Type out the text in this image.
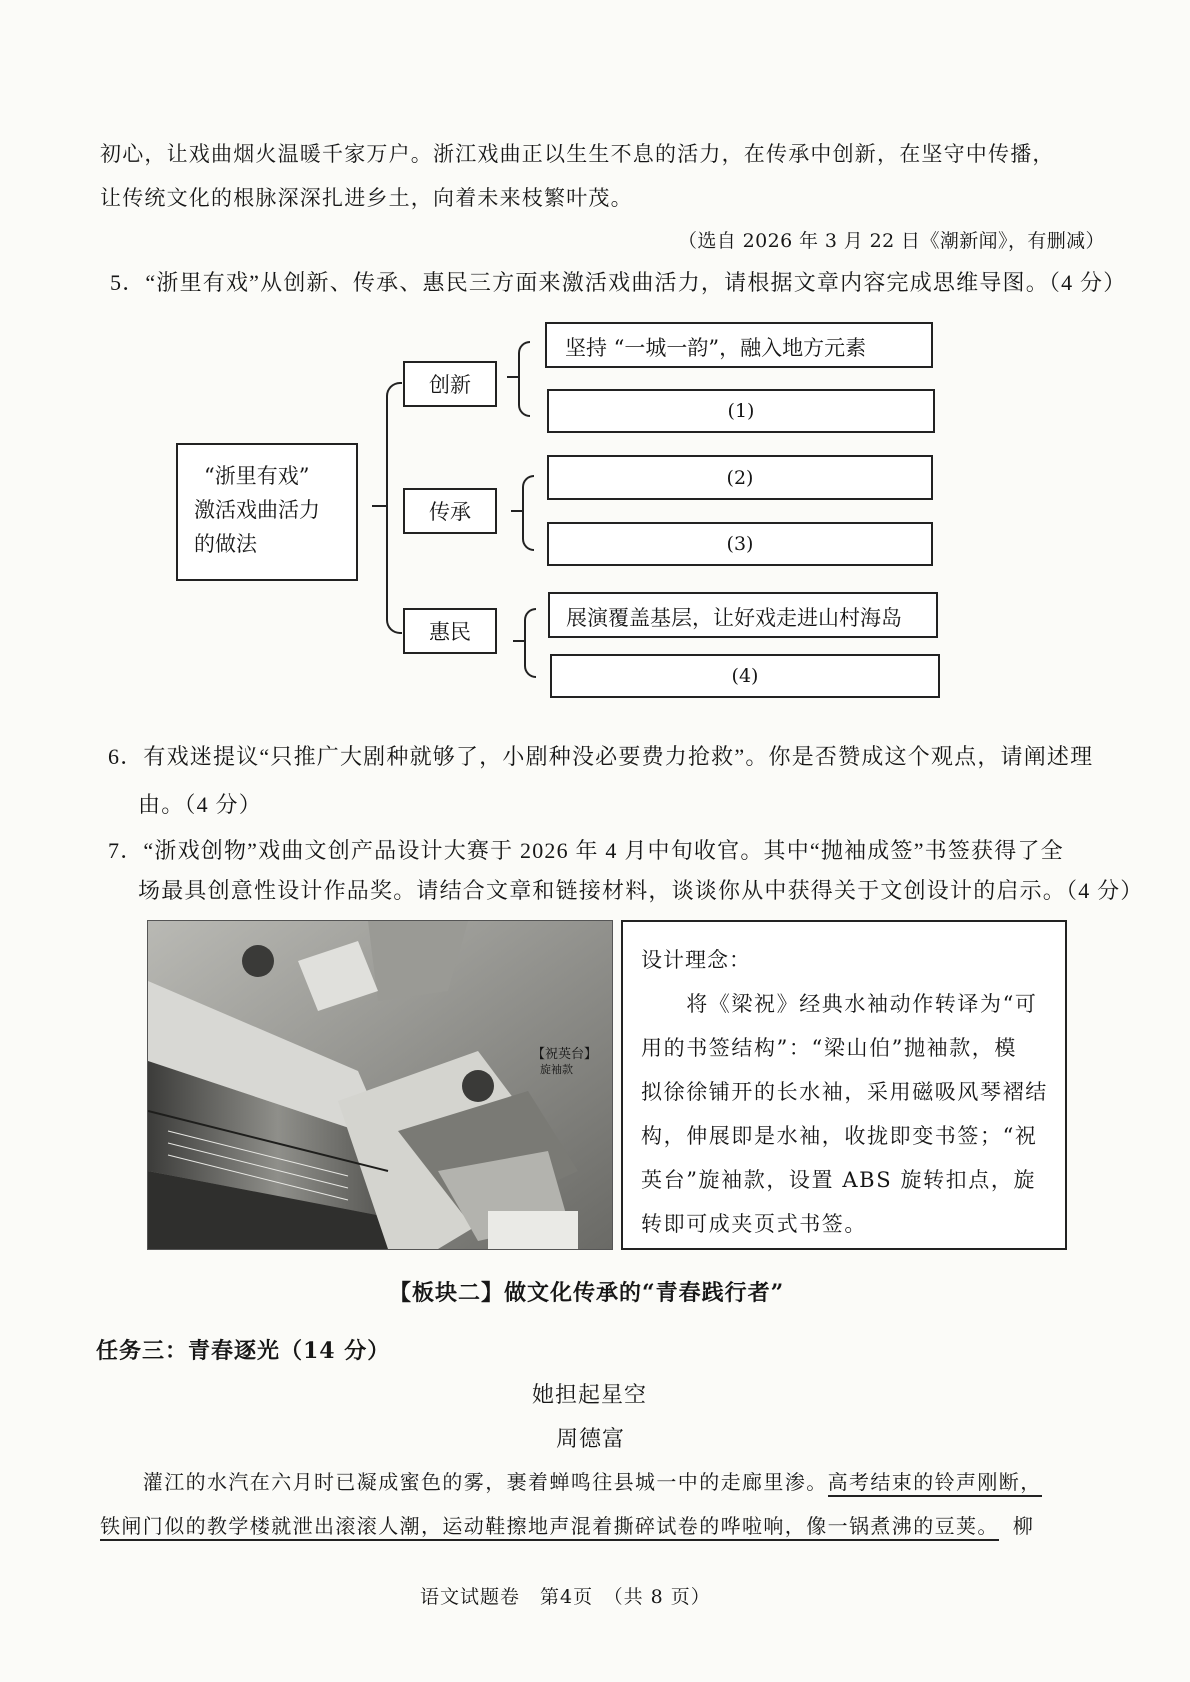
初心，让戏曲烟火温暖千家万户。浙江戏曲正以生生不息的活力，在传承中创新，在坚守中传播，
让传统文化的根脉深深扎进乡土，向着未来枝繁叶茂。
（选自 2026 年 3 月 22 日《潮新闻》，有删减）
5．“浙里有戏”从创新、传承、惠民三方面来激活戏曲活力，请根据文章内容完成思维导图。（4 分）
“浙里有戏”
激活戏曲活力
的做法
创新
传承
惠民
坚持 “一城一韵”，融入地方元素
(1)
(2)
(3)
展演覆盖基层，让好戏走进山村海岛
(4)
6．有戏迷提议“只推广大剧种就够了，小剧种没必要费力抢救”。你是否赞成这个观点，请阐述理
由。（4 分）
7．“浙戏创物”戏曲文创产品设计大赛于 2026 年 4 月中旬收官。其中“抛袖成签”书签获得了全
场最具创意性设计作品奖。请结合文章和链接材料，谈谈你从中获得关于文创设计的启示。（4 分）
【祝英台】
旋袖款
设计理念：
　　将《梁祝》经典水袖动作转译为“可
用的书签结构”：“梁山伯”抛袖款，模
拟徐徐铺开的长水袖，采用磁吸风琴褶结
构，伸展即是水袖，收拢即变书签；“祝
英台”旋袖款，设置 ABS 旋转扣点，旋
转即可成夹页式书签。
【板块二】做文化传承的“青春践行者”
任务三：青春逐光（14 分）
她担起星空
周德富
　　灌江的水汽在六月时已凝成蜜色的雾，裹着蝉鸣往县城一中的走廊里渗。高考结束的铃声刚断，
铁闸门似的教学楼就泄出滚滚人潮，运动鞋擦地声混着撕碎试卷的哗啦响，像一锅煮沸的豆荚。 柳
语文试题卷　第4页　（共 8 页）
